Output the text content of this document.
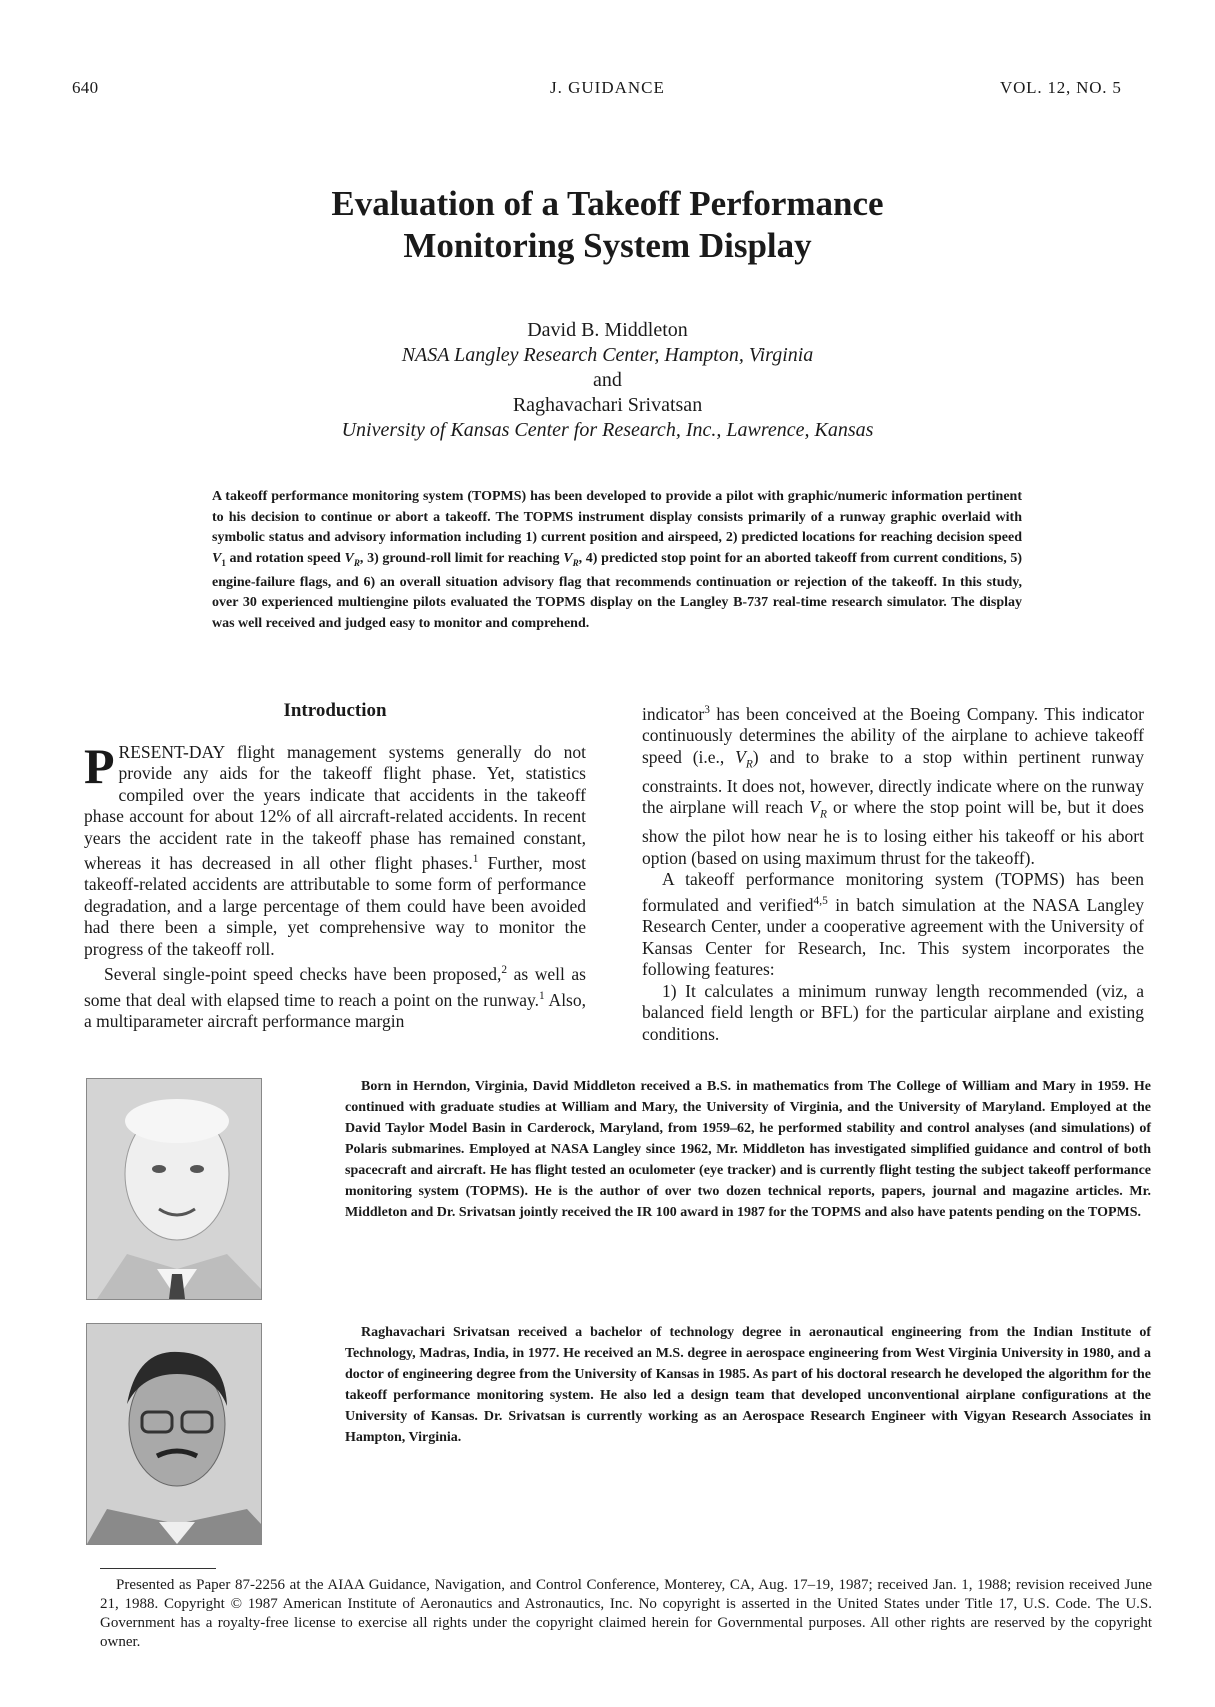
640	J. GUIDANCE	VOL. 12, NO. 5
Evaluation of a Takeoff Performance
Monitoring System Display
David B. Middleton
NASA Langley Research Center, Hampton, Virginia
and
Raghavachari Srivatsan
University of Kansas Center for Research, Inc., Lawrence, Kansas
A takeoff performance monitoring system (TOPMS) has been developed to provide a pilot with graphic/numeric information pertinent to his decision to continue or abort a takeoff. The TOPMS instrument display consists primarily of a runway graphic overlaid with symbolic status and advisory information including 1) current position and airspeed, 2) predicted locations for reaching decision speed $V_1$ and rotation speed $V_R$, 3) ground-roll limit for reaching $V_R$, 4) predicted stop point for an aborted takeoff from current conditions, 5) engine-failure flags, and 6) an overall situation advisory flag that recommends continuation or rejection of the takeoff. In this study, over 30 experienced multiengine pilots evaluated the TOPMS display on the Langley B-737 real-time research simulator. The display was well received and judged easy to monitor and comprehend.
Introduction

PRESENT-DAY flight management systems generally do not provide any aids for the takeoff flight phase. Yet, statistics compiled over the years indicate that accidents in the takeoff phase account for about 12% of all aircraft-related accidents. In recent years the accident rate in the takeoff phase has remained constant, whereas it has decreased in all other flight phases.$^1$ Further, most takeoff-related accidents are attributable to some form of performance degradation, and a large percentage of them could have been avoided had there been a simple, yet comprehensive way to monitor the progress of the takeoff roll.

Several single-point speed checks have been proposed,$^2$ as well as some that deal with elapsed time to reach a point on the runway.$^1$ Also, a multiparameter aircraft performance margin

indicator$^3$ has been conceived at the Boeing Company. This indicator continuously determines the ability of the airplane to achieve takeoff speed (i.e., $V_R$) and to brake to a stop within pertinent runway constraints. It does not, however, directly indicate where on the runway the airplane will reach $V_R$ or where the stop point will be, but it does show the pilot how near he is to losing either his takeoff or his abort option (based on using maximum thrust for the takeoff).

A takeoff performance monitoring system (TOPMS) has been formulated and verified$^{4,5}$ in batch simulation at the NASA Langley Research Center, under a cooperative agreement with the University of Kansas Center for Research, Inc. This system incorporates the following features:

1) It calculates a minimum runway length recommended (viz, a balanced field length or BFL) for the particular airplane and existing conditions.

Born in Herndon, Virginia, David Middleton received a B.S. in mathematics from The College of William and Mary in 1959. He continued with graduate studies at William and Mary, the University of Virginia, and the University of Maryland. Employed at the David Taylor Model Basin in Carderock, Maryland, from 1959–62, he performed stability and control analyses (and simulations) of Polaris submarines. Employed at NASA Langley since 1962, Mr. Middleton has investigated simplified guidance and control of both spacecraft and aircraft. He has flight tested an oculometer (eye tracker) and is currently flight testing the subject takeoff performance monitoring system (TOPMS). He is the author of over two dozen technical reports, papers, journal and magazine articles. Mr. Middleton and Dr. Srivatsan jointly received the IR 100 award in 1987 for the TOPMS and also have patents pending on the TOPMS.
Raghavachari Srivatsan received a bachelor of technology degree in aeronautical engineering from the Indian Institute of Technology, Madras, India, in 1977. He received an M.S. degree in aerospace engineering from West Virginia University in 1980, and a doctor of engineering degree from the University of Kansas in 1985. As part of his doctoral research he developed the algorithm for the takeoff performance monitoring system. He also led a design team that developed unconventional airplane configurations at the University of Kansas. Dr. Srivatsan is currently working as an Aerospace Research Engineer with Vigyan Research Associates in Hampton, Virginia.
Presented as Paper 87-2256 at the AIAA Guidance, Navigation, and Control Conference, Monterey, CA, Aug. 17–19, 1987; received Jan. 1, 1988; revision received June 21, 1988. Copyright © 1987 American Institute of Aeronautics and Astronautics, Inc. No copyright is asserted in the United States under Title 17, U.S. Code. The U.S. Government has a royalty-free license to exercise all rights under the copyright claimed herein for Governmental purposes. All other rights are reserved by the copyright owner.
